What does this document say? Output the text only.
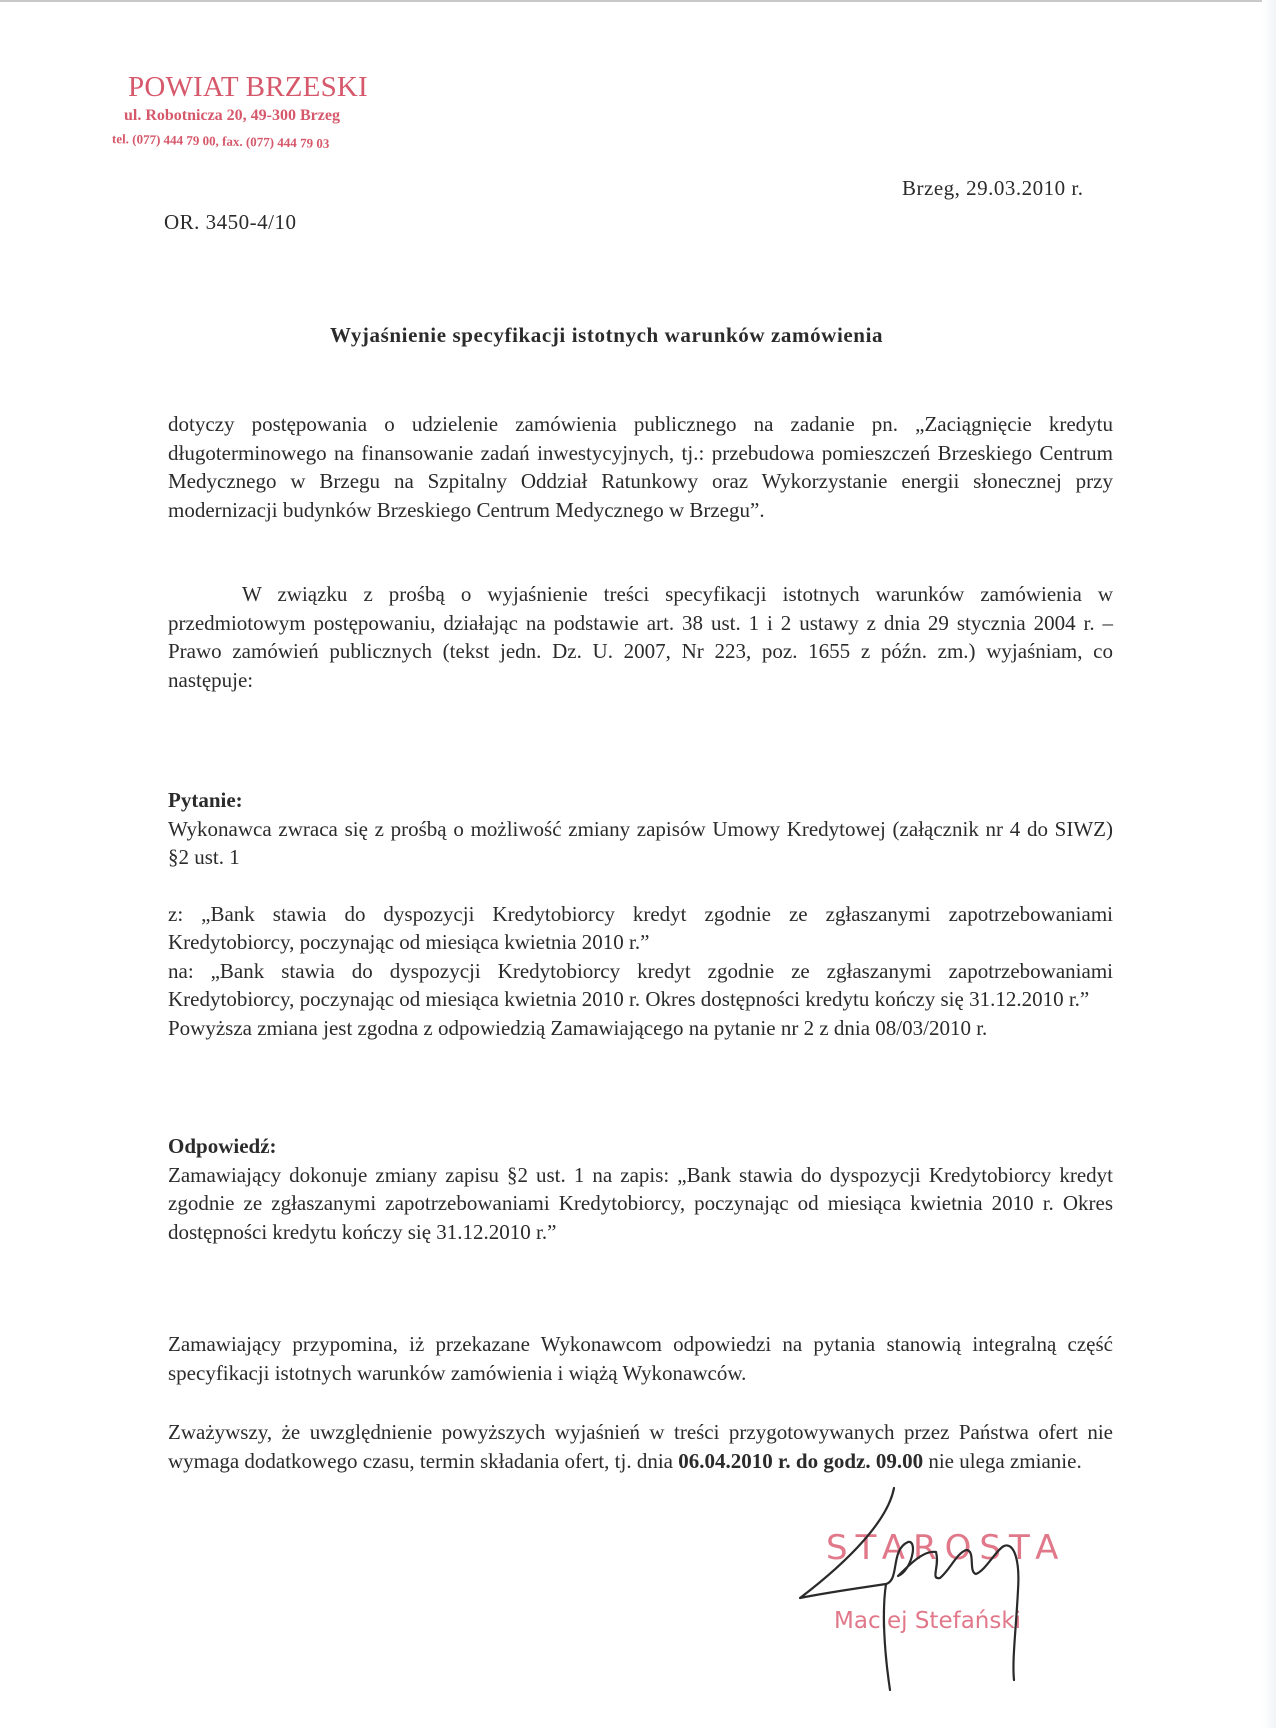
POWIAT BRZESKI
ul. Robotnicza 20, 49-300 Brzeg
tel. (077) 444 79 00, fax. (077) 444 79 03
Brzeg, 29.03.2010 r.
OR. 3450-4/10
Wyjaśnienie specyfikacji istotnych warunków zamówienia

dotyczy postępowania o udzielenie zamówienia publicznego na zadanie pn. „Zaciągnięcie kredytu długoterminowego na finansowanie zadań inwestycyjnych, tj.: przebudowa pomieszczeń Brzeskiego Centrum Medycznego w Brzegu na Szpitalny Oddział Ratunkowy oraz Wykorzystanie energii słonecznej przy modernizacji budynków Brzeskiego Centrum Medycznego w Brzegu”.

W związku z prośbą o wyjaśnienie treści specyfikacji istotnych warunków zamówienia w przedmiotowym postępowaniu, działając na podstawie art. 38 ust. 1 i 2 ustawy z dnia 29 stycznia 2004 r. – Prawo zamówień publicznych (tekst jedn. Dz. U. 2007, Nr 223, poz. 1655 z późn. zm.) wyjaśniam, co następuje:

Pytanie:

Wykonawca zwraca się z prośbą o możliwość zmiany zapisów Umowy Kredytowej (załącznik nr 4 do SIWZ) §2 ust. 1

z: „Bank stawia do dyspozycji Kredytobiorcy kredyt zgodnie ze zgłaszanymi zapotrzebowaniami Kredytobiorcy, poczynając od miesiąca kwietnia 2010 r.”

na: „Bank stawia do dyspozycji Kredytobiorcy kredyt zgodnie ze zgłaszanymi zapotrzebowaniami Kredytobiorcy, poczynając od miesiąca kwietnia 2010 r. Okres dostępności kredytu kończy się 31.12.2010 r.”

Powyższa zmiana jest zgodna z odpowiedzią Zamawiającego na pytanie nr 2 z dnia 08/03/2010 r.

Odpowiedź:

Zamawiający dokonuje zmiany zapisu §2 ust. 1 na zapis: „Bank stawia do dyspozycji Kredytobiorcy kredyt zgodnie ze zgłaszanymi zapotrzebowaniami Kredytobiorcy, poczynając od miesiąca kwietnia 2010 r. Okres dostępności kredytu kończy się 31.12.2010 r.”

Zamawiający przypomina, iż przekazane Wykonawcom odpowiedzi na pytania stanowią integralną część specyfikacji istotnych warunków zamówienia i wiążą Wykonawców.

Zważywszy, że uwzględnienie powyższych wyjaśnień w treści przygotowywanych przez Państwa ofert nie wymaga dodatkowego czasu, termin składania ofert, tj. dnia 06.04.2010 r. do godz. 09.00 nie ulega zmianie.

STAROSTA
Maciej Stefański
